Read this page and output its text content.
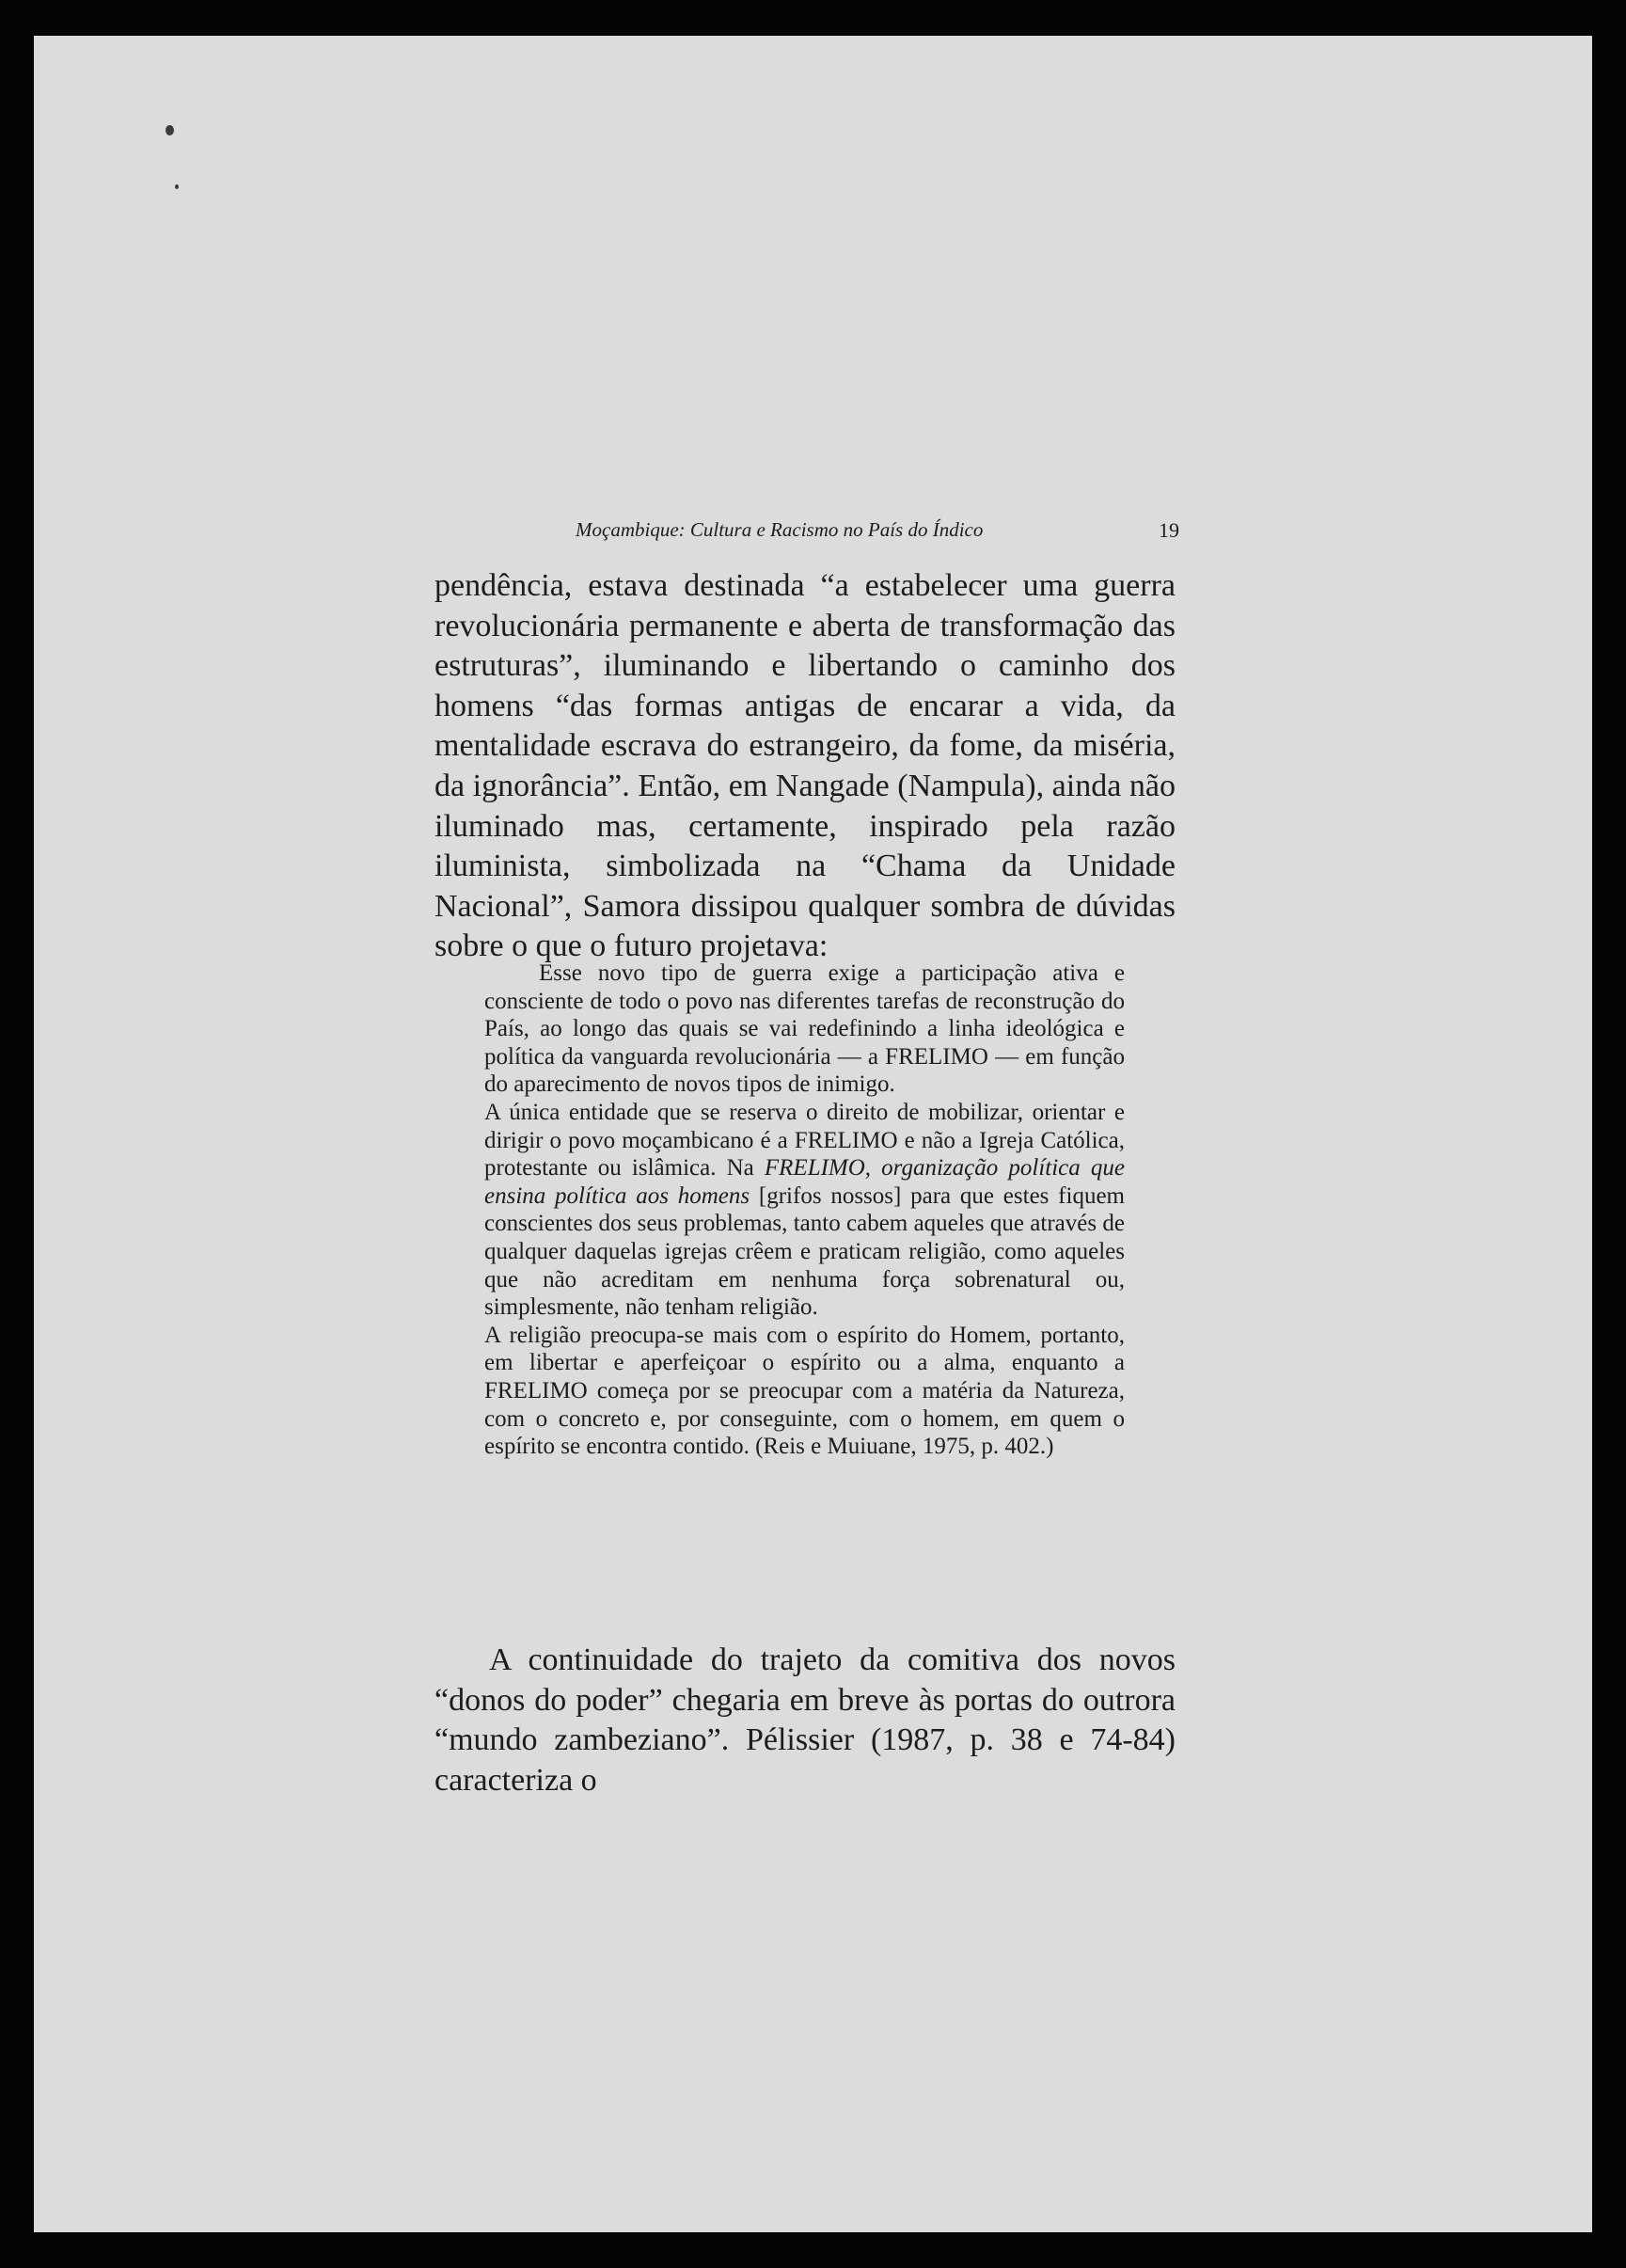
Moçambique: Cultura e Racismo no País do Índico	19

pendência, estava destinada “a estabelecer uma guerra revolucionária permanente e aberta de transformação das estruturas”, iluminando e libertando o caminho dos homens “das formas antigas de encarar a vida, da mentalidade escrava do estrangeiro, da fome, da miséria, da ignorância”. Então, em Nangade (Nampula), ainda não iluminado mas, certamente, inspirado pela razão iluminista, simbolizada na “Chama da Unidade Nacional”, Samora dissipou qualquer sombra de dúvidas sobre o que o futuro projetava:

Esse novo tipo de guerra exige a participação ativa e consciente de todo o povo nas diferentes tarefas de reconstrução do País, ao longo das quais se vai redefinindo a linha ideológica e política da vanguarda revolucionária — a FRELIMO — em função do aparecimento de novos tipos de inimigo.

A única entidade que se reserva o direito de mobilizar, orientar e dirigir o povo moçambicano é a FRELIMO e não a Igreja Católica, protestante ou islâmica. Na FRELIMO, organização política que ensina política aos homens [grifos nossos] para que estes fiquem conscientes dos seus problemas, tanto cabem aqueles que através de qualquer daquelas igrejas crêem e praticam religião, como aqueles que não acreditam em nenhuma força sobrenatural ou, simplesmente, não tenham religião.

A religião preocupa-se mais com o espírito do Homem, portanto, em libertar e aperfeiçoar o espírito ou a alma, enquanto a FRELIMO começa por se preocupar com a matéria da Natureza, com o concreto e, por conseguinte, com o homem, em quem o espírito se encontra contido. (Reis e Muiuane, 1975, p. 402.)

A continuidade do trajeto da comitiva dos novos “donos do poder” chegaria em breve às portas do outrora “mundo zambeziano”. Pélissier (1987, p. 38 e 74-84) caracteriza o
